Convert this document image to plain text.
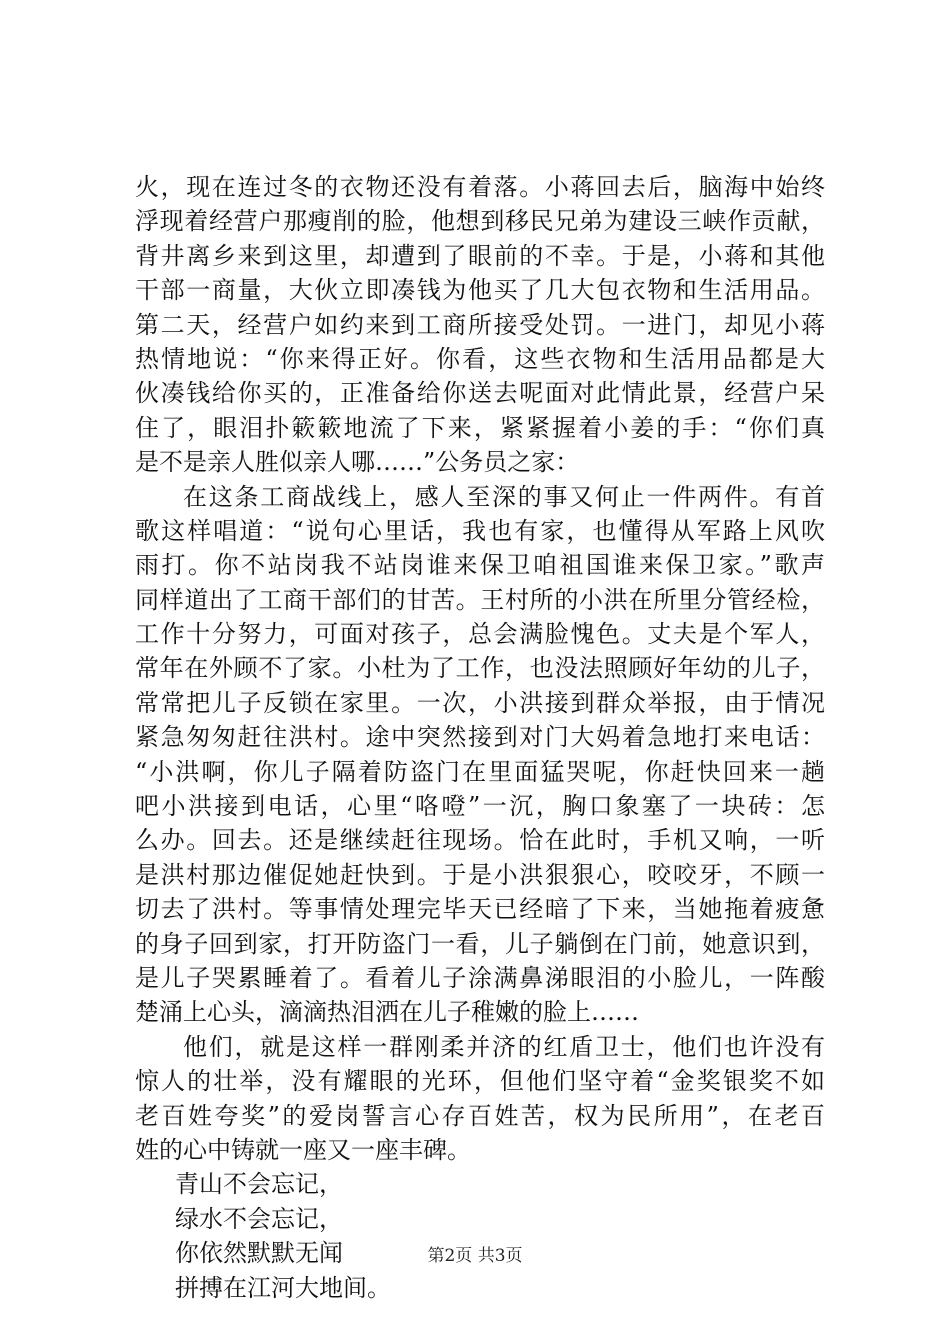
火，现在连过冬的衣物还没有着落。小蒋回去后，脑海中始终
浮现着经营户那瘦削的脸，他想到移民兄弟为建设三峡作贡献，
背井离乡来到这里，却遭到了眼前的不幸。于是，小蒋和其他
干部一商量，大伙立即凑钱为他买了几大包衣物和生活用品。
第二天，经营户如约来到工商所接受处罚。一进门，却见小蒋
热情地说：“你来得正好。你看，这些衣物和生活用品都是大
伙凑钱给你买的，正准备给你送去呢面对此情此景，经营户呆
住了，眼泪扑簌簌地流了下来，紧紧握着小姜的手：“你们真
是不是亲人胜似亲人哪……”公务员之家：
在这条工商战线上，感人至深的事又何止一件两件。有首
歌这样唱道：“说句心里话，我也有家，也懂得从军路上风吹
雨打。你不站岗我不站岗谁来保卫咱祖国谁来保卫家。”歌声
同样道出了工商干部们的甘苦。王村所的小洪在所里分管经检，
工作十分努力，可面对孩子，总会满脸愧色。丈夫是个军人，
常年在外顾不了家。小杜为了工作，也没法照顾好年幼的儿子，
常常把儿子反锁在家里。一次，小洪接到群众举报，由于情况
紧急匆匆赶往洪村。途中突然接到对门大妈着急地打来电话：
“小洪啊，你儿子隔着防盗门在里面猛哭呢，你赶快回来一趟
吧小洪接到电话，心里“咯噔”一沉，胸口象塞了一块砖：怎
么办。回去。还是继续赶往现场。恰在此时，手机又响，一听
是洪村那边催促她赶快到。于是小洪狠狠心，咬咬牙，不顾一
切去了洪村。等事情处理完毕天已经暗了下来，当她拖着疲惫
的身子回到家，打开防盗门一看，儿子躺倒在门前，她意识到，
是儿子哭累睡着了。看着儿子涂满鼻涕眼泪的小脸儿，一阵酸
楚涌上心头，滴滴热泪洒在儿子稚嫩的脸上……
他们，就是这样一群刚柔并济的红盾卫士，他们也许没有
惊人的壮举，没有耀眼的光环，但他们坚守着“金奖银奖不如
老百姓夸奖”的爱岗誓言心存百姓苦，权为民所用”，在老百
姓的心中铸就一座又一座丰碑。
青山不会忘记，
绿水不会忘记，
你依然默默无闻
拼搏在江河大地间。
第2页 共3页
